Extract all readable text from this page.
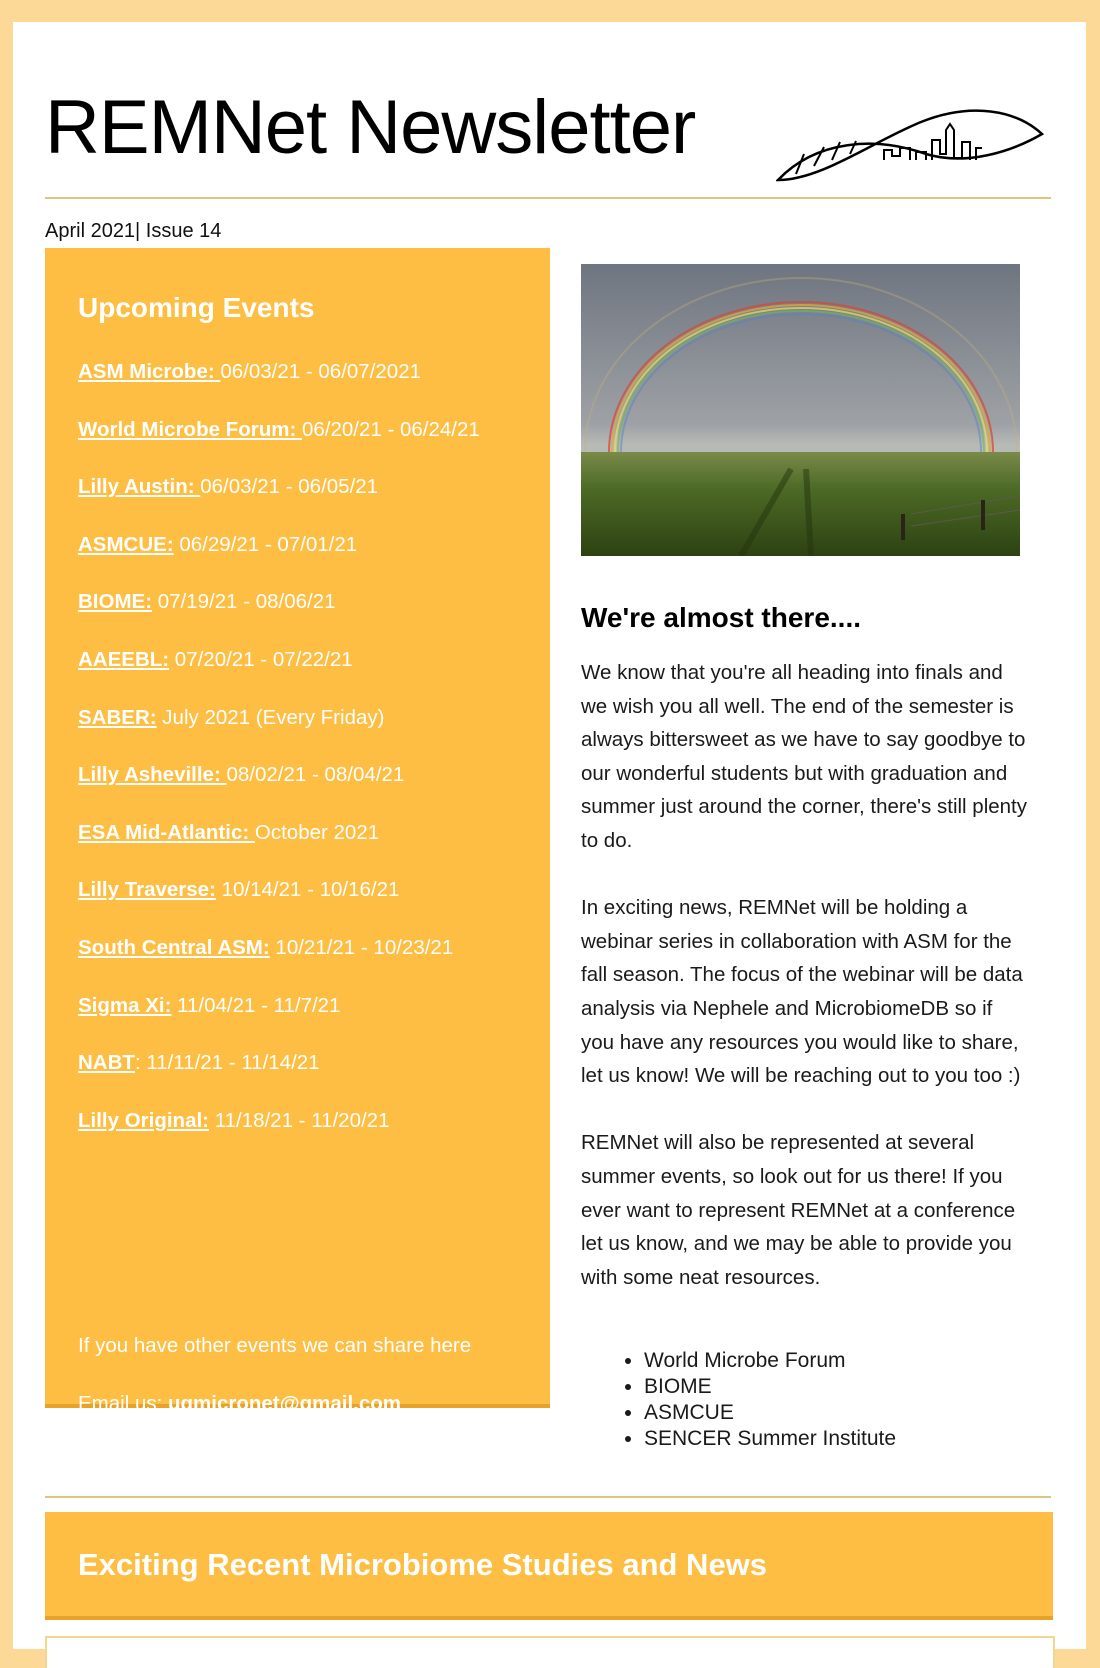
REMNet Newsletter
April 2021| Issue 14
Upcoming Events
ASM Microbe: 06/03/21 - 06/07/2021
World Microbe Forum: 06/20/21 - 06/24/21
Lilly Austin: 06/03/21 - 06/05/21
ASMCUE: 06/29/21 - 07/01/21
BIOME: 07/19/21 - 08/06/21
AAEEBL: 07/20/21 - 07/22/21
SABER: July 2021 (Every Friday)
Lilly Asheville: 08/02/21 - 08/04/21
ESA Mid-Atlantic: October 2021
Lilly Traverse: 10/14/21 - 10/16/21
South Central ASM: 10/21/21 - 10/23/21
Sigma Xi: 11/04/21 - 11/7/21
NABT: 11/11/21 - 11/14/21
Lilly Original: 11/18/21 - 11/20/21
If you have other events we can share here
Email us: ugmicronet@gmail.com
We're almost there....

We know that you're all heading into finals and we wish you all well. The end of the semester is always bittersweet as we have to say goodbye to our wonderful students but with graduation and summer just around the corner, there's still plenty to do.

In exciting news, REMNet will be holding a webinar series in collaboration with ASM for the fall season. The focus of the webinar will be data analysis via Nephele and MicrobiomeDB so if you have any resources you would like to share, let us know! We will be reaching out to you too :)

REMNet will also be represented at several summer events, so look out for us there! If you ever want to represent REMNet at a conference let us know, and we may be able to provide you with some neat resources.

• World Microbe Forum
• BIOME
• ASMCUE
• SENCER Summer Institute
Exciting Recent Microbiome Studies and News
